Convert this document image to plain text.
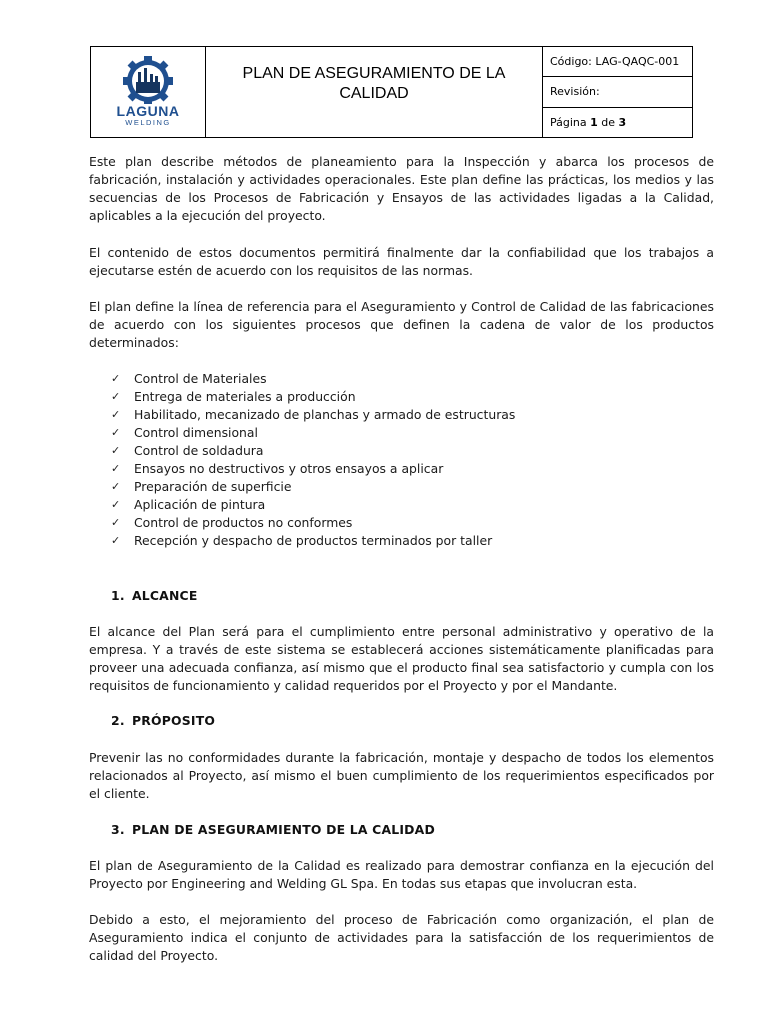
LAGUNA
WELDING
PLAN DE ASEGURAMIENTO DE LA CALIDAD
Código: LAG-QAQC-001
Revisión:
Página
1
de
3
Este plan describe métodos de planeamiento para la Inspección y abarca los procesos de fabricación, instalación y actividades operacionales. Este plan define las prácticas, los medios y las secuencias de los Procesos de Fabricación y Ensayos de las actividades ligadas a la Calidad, aplicables a la ejecución del proyecto.
El contenido de estos documentos permitirá finalmente dar la confiabilidad que los trabajos a ejecutarse estén de acuerdo con los requisitos de las normas.
El plan define la línea de referencia para el Aseguramiento y Control de Calidad de las fabricaciones de acuerdo con los siguientes procesos que definen la cadena de valor de los productos determinados:
✓	Control de Materiales
✓	Entrega de materiales a producción
✓	Habilitado, mecanizado de planchas y armado de estructuras
✓	Control dimensional
✓	Control de soldadura
✓	Ensayos no destructivos y otros ensayos a aplicar
✓	Preparación de superficie
✓	Aplicación de pintura
✓	Control de productos no conformes
✓	Recepción y despacho de productos terminados por taller
1. ALCANCE
El alcance del Plan será para el cumplimiento entre personal administrativo y operativo de la empresa. Y a través de este sistema se establecerá acciones sistemáticamente planificadas para proveer una adecuada confianza, así mismo que el producto final sea satisfactorio y cumpla con los requisitos de funcionamiento y calidad requeridos por el Proyecto y por el Mandante.
2. PRÓPOSITO
Prevenir las no conformidades durante la fabricación, montaje y despacho de todos los elementos relacionados al Proyecto, así mismo el buen cumplimiento de los requerimientos especificados por el cliente.
3. PLAN DE ASEGURAMIENTO DE LA CALIDAD
El plan de Aseguramiento de la Calidad es realizado para demostrar confianza en la ejecución del Proyecto por Engineering and Welding GL Spa. En todas sus etapas que involucran esta.
Debido a esto, el mejoramiento del proceso de Fabricación como organización, el plan de Aseguramiento indica el conjunto de actividades para la satisfacción de los requerimientos de calidad del Proyecto.
